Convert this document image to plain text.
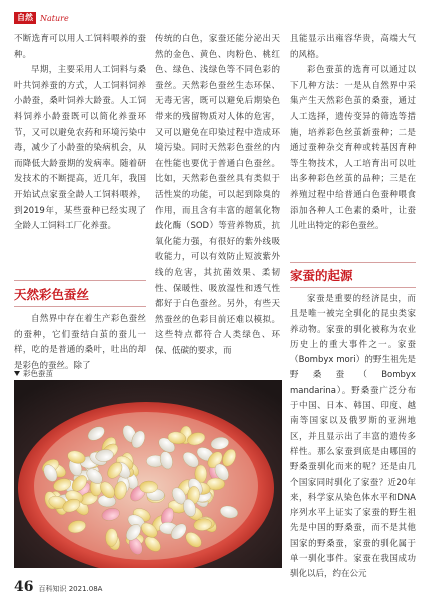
自然 Nature

不断选育可以用人工饲料喂养的蚕种。

早期，主要采用人工饲料与桑叶共饲养蚕的方式，人工饲料饲养小龄蚕，桑叶饲养大龄蚕。人工饲料饲养小龄蚕既可以简化养蚕环节，又可以避免农药和环境污染中毒，减少了小龄蚕的染病机会，从而降低大龄蚕期的发病率。随着研发技术的不断提高，近几年，我国开始试点家蚕全龄人工饲料喂养，到2019年，某些蚕种已经实现了全龄人工饲料工厂化养蚕。

天然彩色蚕丝

自然界中存在着生产彩色蚕丝的蚕种，它们蚕结白茧的蚕儿一样，吃的是普通的桑叶，吐出的却是彩色的蚕丝。除了

传统的白色，家蚕还能分泌出天然的金色、黄色、肉粉色、桃红色、绿色、浅绿色等不同色彩的蚕丝。天然彩色蚕丝生态环保、无毒无害，既可以避免后期染色带来的残留物质对人体的危害，又可以避免在印染过程中造成环境污染。同时天然彩色蚕丝的内在性能也要优于普通白色蚕丝。比如，天然彩色蚕丝具有类似于活性炭的功能，可以起到除臭的作用，而且含有丰富的超氧化物歧化酶（SOD）等营养物质，抗氧化能力强，有很好的紫外线吸收能力，可以有效防止短波紫外线的危害，其抗菌效果、柔韧性、保暖性、吸放湿性和透气性都好于白色蚕丝。另外，有些天然蚕丝的色彩目前还难以模拟。这些特点都符合人类绿色、环保、低碳的要求，而

且能显示出雍容华贵，高端大气的风格。

彩色蚕茧的选育可以通过以下几种方法：一是从自然界中采集产生天然彩色茧的桑蚕，通过人工选择，遗传变异的筛选等措施，培养彩色丝茧新蚕种；二是通过蚕种杂交育种或转基因育种等生物技术，人工培育出可以吐出多种彩色丝茧的品种；三是在养殖过程中给普通白色蚕种喂食添加各种人工色素的桑叶，让蚕儿吐出特定的彩色蚕丝。

家蚕的起源

家蚕是重要的经济昆虫，而且是唯一被完全驯化的昆虫类家养动物。家蚕的驯化被称为农业历史上的重大事件之一。家蚕（Bombyx mori）的野生祖先是野桑蚕（Bombyx mandarina）。野桑蚕广泛分布于中国、日本、韩国、印度、越南等国家以及俄罗斯的亚洲地区，并且显示出了丰富的遗传多样性。那么家蚕到底是由哪国的野桑蚕驯化而来的呢？还是由几个国家同时驯化了家蚕？近20年来，科学家从染色体水平和DNA序列水平上证实了家蚕的野生祖先是中国的野桑蚕，而不是其他国家的野桑蚕，家蚕的驯化属于单一驯化事件。家蚕在我国成功驯化以后，约在公元

彩色蚕茧
46 百科知识 2021.08A
